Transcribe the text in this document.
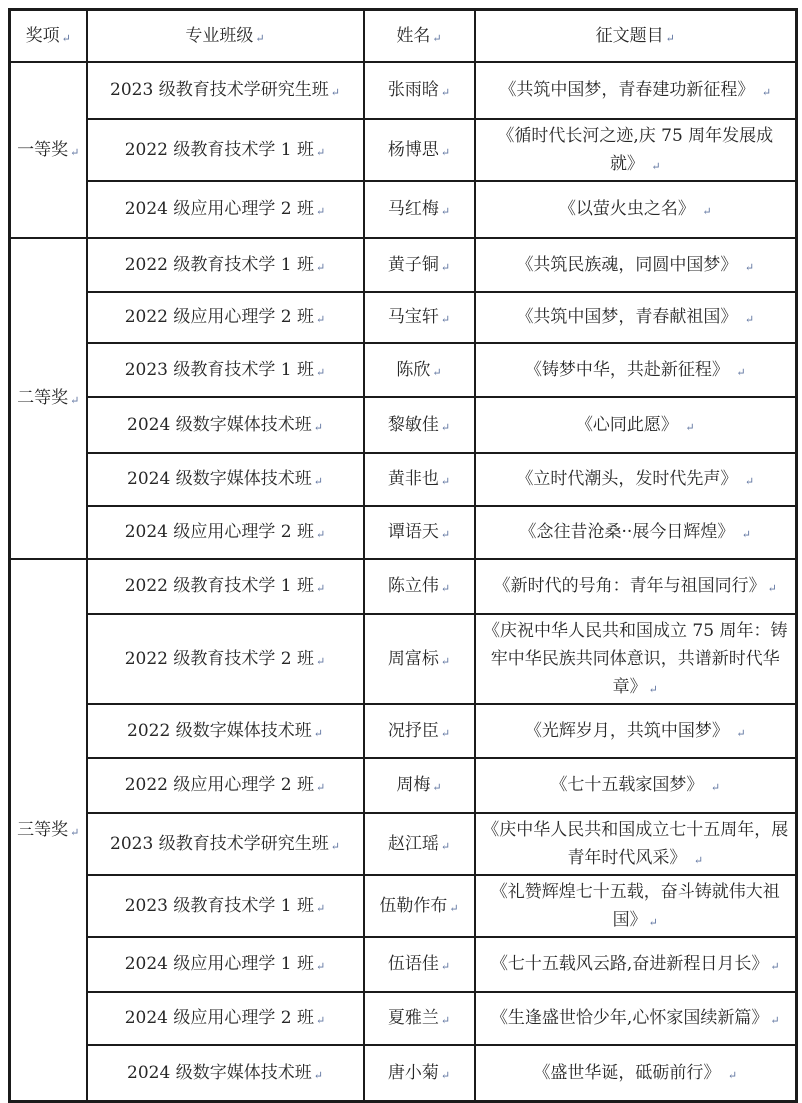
奖项 ↵	专业班级 ↵	姓名 ↵	征文题目 ↵
一等奖 ↵	2023 级教育技术学研究生班 ↵	张雨晗 ↵	《共筑中国梦，青春建功新征程》 ↵
	2022 级教育技术学 1 班 ↵	杨博思 ↵	《循时代长河之迹,庆 75 周年发展成就》 ↵
	2024 级应用心理学 2 班 ↵	马红梅 ↵	《以萤火虫之名》 ↵
二等奖 ↵	2022 级教育技术学 1 班 ↵	黄子铜 ↵	《共筑民族魂，同圆中国梦》 ↵
	2022 级应用心理学 2 班 ↵	马宝轩 ↵	《共筑中国梦，青春献祖国》 ↵
	2023 级教育技术学 1 班 ↵	陈欣 ↵	《铸梦中华，共赴新征程》 ↵
	2024 级数字媒体技术班 ↵	黎敏佳 ↵	《心同此愿》 ↵
	2024 级数字媒体技术班 ↵	黄非也 ↵	《立时代潮头，发时代先声》 ↵
	2024 级应用心理学 2 班 ↵	谭语天 ↵	《念往昔沧桑··展今日辉煌》 ↵
三等奖 ↵	2022 级教育技术学 1 班 ↵	陈立伟 ↵	《新时代的号角：青年与祖国同行》 ↵
	2022 级教育技术学 2 班 ↵	周富标 ↵	《庆祝中华人民共和国成立 75 周年：铸牢中华民族共同体意识，共谱新时代华章》 ↵
	2022 级数字媒体技术班 ↵	况抒臣 ↵	《光辉岁月，共筑中国梦》 ↵
	2022 级应用心理学 2 班 ↵	周梅 ↵	《七十五载家国梦》 ↵
	2023 级教育技术学研究生班 ↵	赵江瑶 ↵	《庆中华人民共和国成立七十五周年，展青年时代风采》 ↵
	2023 级教育技术学 1 班 ↵	伍勒作布 ↵	《礼赞辉煌七十五载，奋斗铸就伟大祖国》 ↵
	2024 级应用心理学 1 班 ↵	伍语佳 ↵	《七十五载风云路,奋进新程日月长》 ↵
	2024 级应用心理学 2 班 ↵	夏雅兰 ↵	《生逢盛世恰少年,心怀家国续新篇》 ↵
	2024 级数字媒体技术班 ↵	唐小菊 ↵	《盛世华诞，砥砺前行》 ↵
